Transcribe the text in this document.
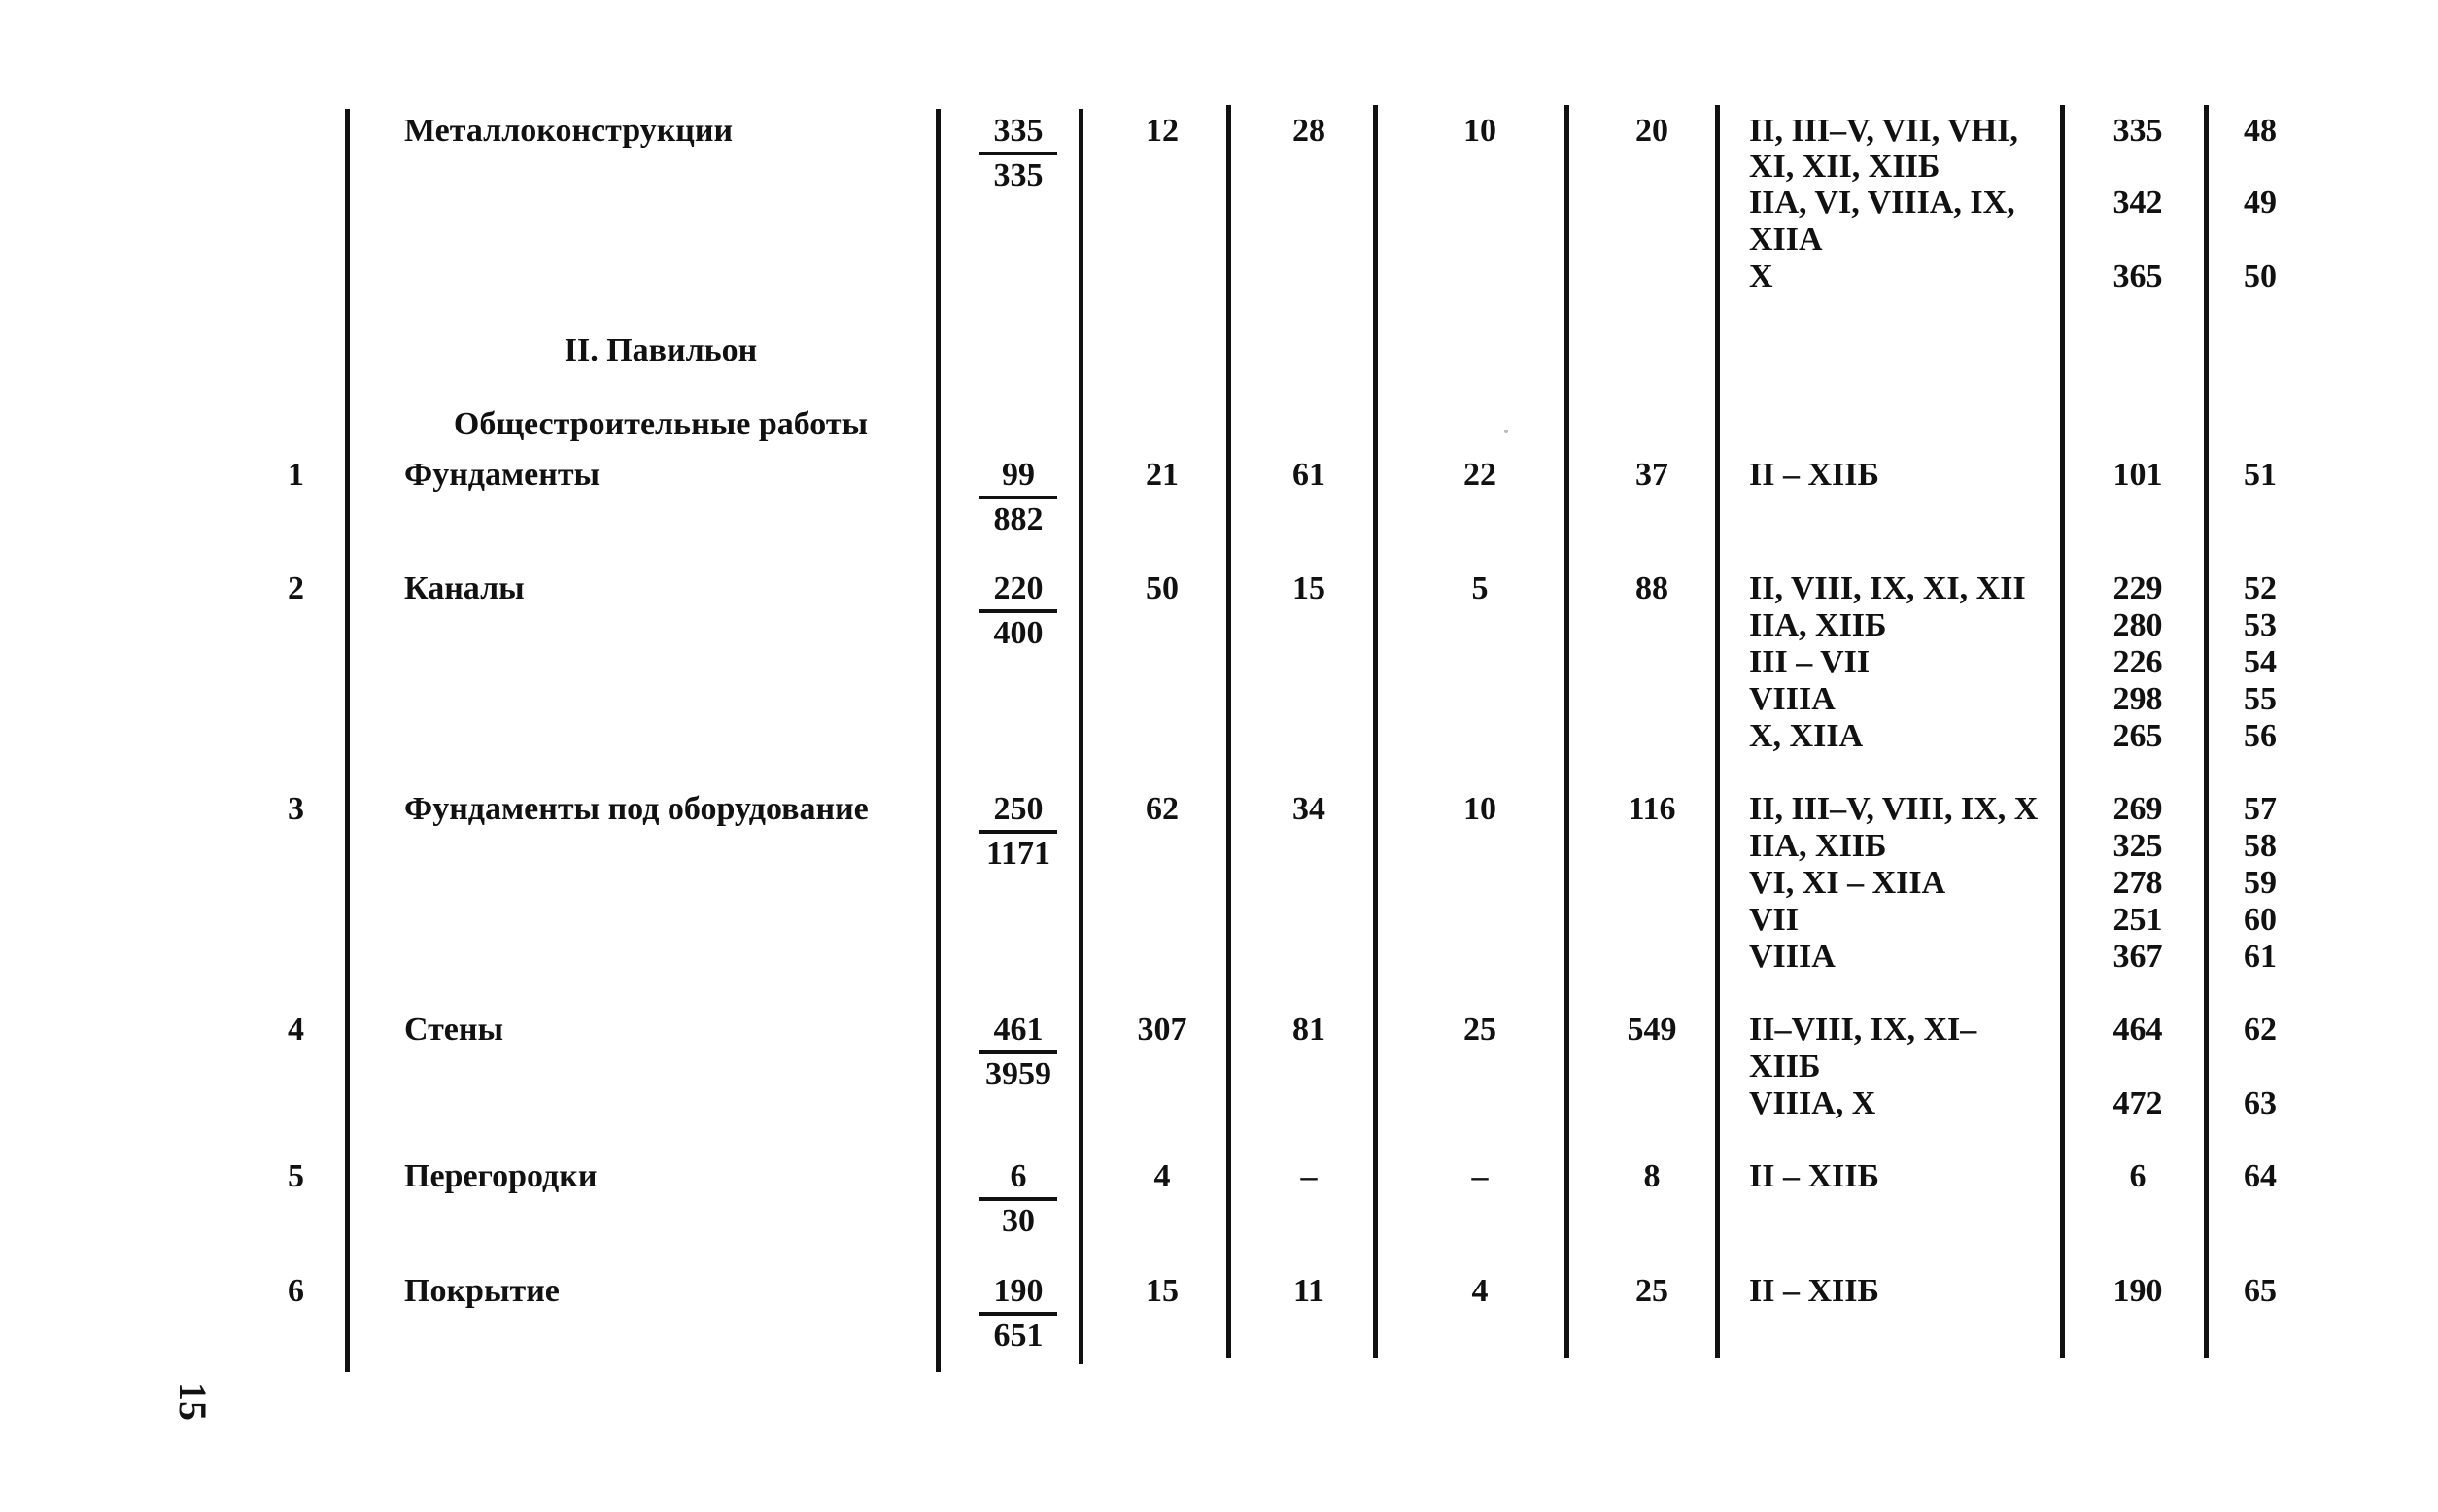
II. Павильон
Общестроительные работы
Металлоконструкции	$\frac{335}{335}$	12	28	10	20	II, III–V, VII, VHI,	335	48
XI, XII, XIIБ
IIA, VI, VIIIA, IX,	342	49
XIIA
X	365	50
1	Фундаменты	$\frac{99}{882}$	21	61	22	37	II – XIIБ	101	51
2	Каналы	$\frac{220}{400}$	50	15	5	88	II, VIII, IX, XI, XII	229	52
IIA, XIIБ	280	53
III – VII	226	54
VIIIA	298	55
X, XIIA	265	56
3	Фундаменты под оборудование	$\frac{250}{1171}$	62	34	10	116	II, III–V, VIII, IX, X	269	57
IIA, XIIБ	325	58
VI, XI – XIIA	278	59
VII	251	60
VIIIA	367	61
4	Стены	$\frac{461}{3959}$	307	81	25	549	II–VIII, IX, XI–	464	62
XIIБ
VIIIA, X	472	63
5	Перегородки	$\frac{6}{30}$	4	–	–	8	II – XIIБ	6	64
6	Покрытие	$\frac{190}{651}$	15	11	4	25	II – XIIБ	190	65
15
